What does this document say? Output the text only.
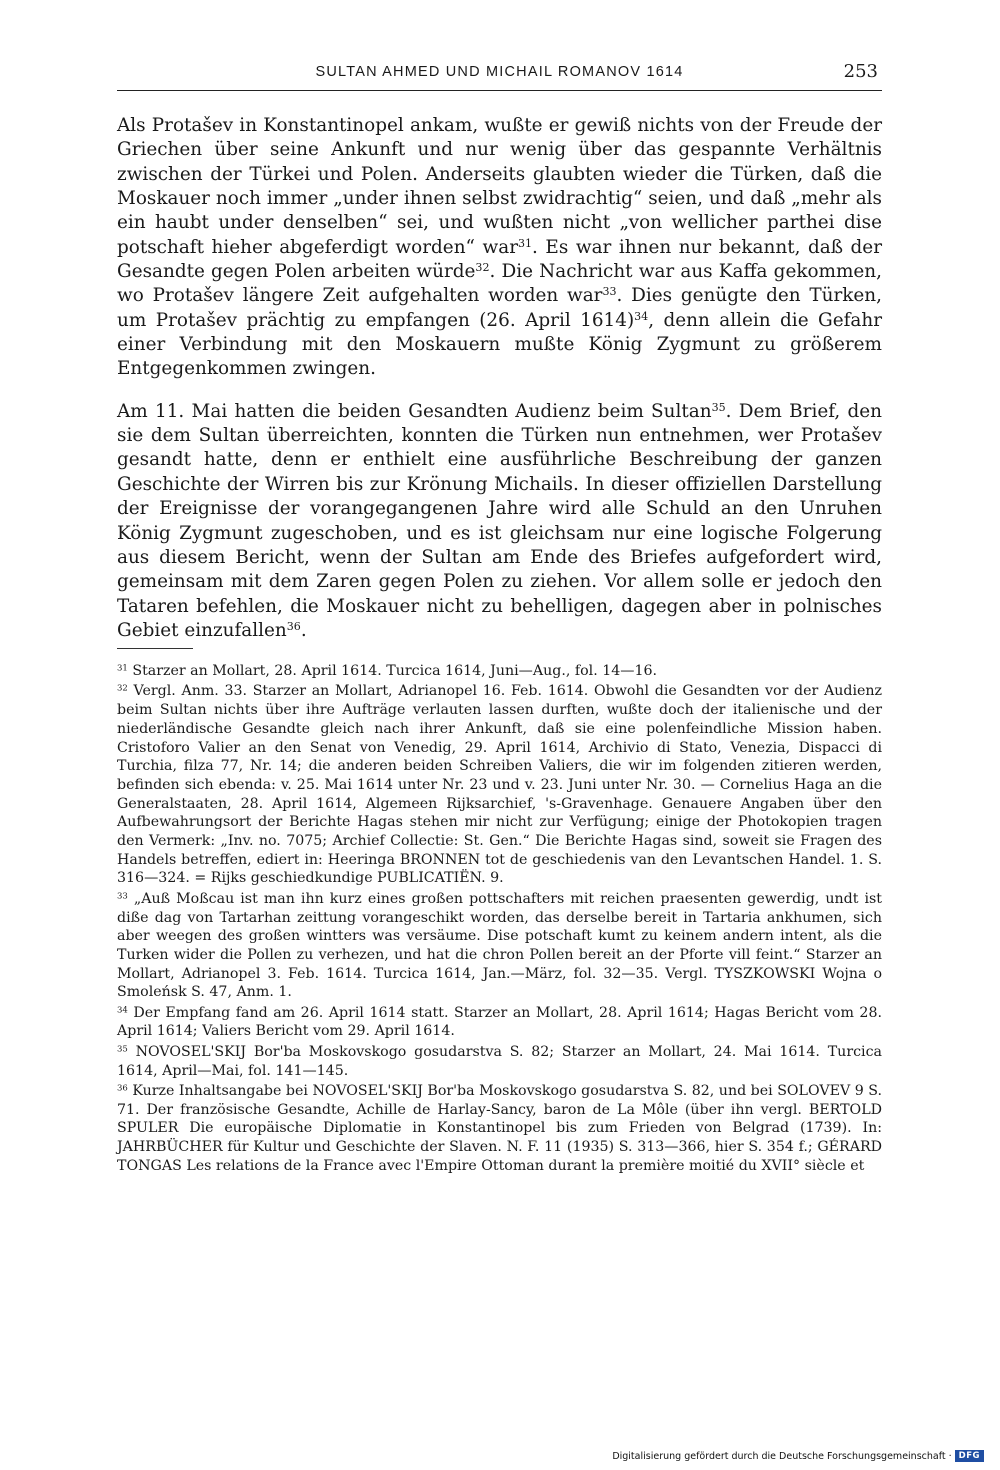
SULTAN AHMED UND MICHAIL ROMANOV 1614	253

Als Protašev in Konstantinopel ankam, wußte er gewiß nichts von der Freude der Griechen über seine Ankunft und nur wenig über das gespannte Verhältnis zwischen der Türkei und Polen. Anderseits glaubten wieder die Türken, daß die Moskauer noch immer „under ihnen selbst zwidrachtig“ seien, und daß „mehr als ein haubt under denselben“ sei, und wußten nicht „von wellicher parthei dise potschaft hieher abgeferdigt worden“ war$^{31}$. Es war ihnen nur bekannt, daß der Gesandte gegen Polen arbeiten würde$^{32}$. Die Nachricht war aus Kaffa gekommen, wo Protašev längere Zeit aufgehalten worden war$^{33}$. Dies genügte den Türken, um Protašev prächtig zu empfangen (26. April 1614)$^{34}$, denn allein die Gefahr einer Verbindung mit den Moskauern mußte König Zygmunt zu größerem Entgegenkommen zwingen.

Am 11. Mai hatten die beiden Gesandten Audienz beim Sultan$^{35}$. Dem Brief, den sie dem Sultan überreichten, konnten die Türken nun entnehmen, wer Protašev gesandt hatte, denn er enthielt eine ausführliche Beschreibung der ganzen Geschichte der Wirren bis zur Krönung Michails. In dieser offiziellen Darstellung der Ereignisse der vorangegangenen Jahre wird alle Schuld an den Unruhen König Zygmunt zugeschoben, und es ist gleichsam nur eine logische Folgerung aus diesem Bericht, wenn der Sultan am Ende des Briefes aufgefordert wird, gemeinsam mit dem Zaren gegen Polen zu ziehen. Vor allem solle er jedoch den Tataren befehlen, die Moskauer nicht zu behelligen, dagegen aber in polnisches Gebiet einzufallen$^{36}$.

$^{31}$ Starzer an Mollart, 28. April 1614. Turcica 1614, Juni—Aug., fol. 14—16.

$^{32}$ Vergl. Anm. 33. Starzer an Mollart, Adrianopel 16. Feb. 1614. Obwohl die Gesandten vor der Audienz beim Sultan nichts über ihre Aufträge verlauten lassen durften, wußte doch der italienische und der niederländische Gesandte gleich nach ihrer Ankunft, daß sie eine polenfeindliche Mission haben. Cristoforo Valier an den Senat von Venedig, 29. April 1614, Archivio di Stato, Venezia, Dispacci di Turchia, filza 77, Nr. 14; die anderen beiden Schreiben Valiers, die wir im folgenden zitieren werden, befinden sich ebenda: v. 25. Mai 1614 unter Nr. 23 und v. 23. Juni unter Nr. 30. — Cornelius Haga an die Generalstaaten, 28. April 1614, Algemeen Rijksarchief, 's-Gravenhage. Genauere Angaben über den Aufbewahrungsort der Berichte Hagas stehen mir nicht zur Verfügung; einige der Photokopien tragen den Vermerk: „Inv. no. 7075; Archief Collectie: St. Gen.“ Die Berichte Hagas sind, soweit sie Fragen des Handels betreffen, ediert in: Heeringa BRONNEN tot de geschiedenis van den Levantschen Handel. 1. S. 316—324. = Rijks geschiedkundige PUBLICATIËN. 9.

$^{33}$ „Auß Moßcau ist man ihn kurz eines großen pottschafters mit reichen praesenten gewerdig, undt ist diße dag von Tartarhan zeittung vorangeschikt worden, das derselbe bereit in Tartaria ankhumen, sich aber weegen des großen wintters was versäume. Dise potschaft kumt zu keinem andern intent, als die Turken wider die Pollen zu verhezen, und hat die chron Pollen bereit an der Pforte vill feint.“ Starzer an Mollart, Adrianopel 3. Feb. 1614. Turcica 1614, Jan.—März, fol. 32—35. Vergl. TYSZKOWSKI Wojna o Smoleńsk S. 47, Anm. 1.

$^{34}$ Der Empfang fand am 26. April 1614 statt. Starzer an Mollart, 28. April 1614; Hagas Bericht vom 28. April 1614; Valiers Bericht vom 29. April 1614.

$^{35}$ NOVOSEL'SKIJ Bor'ba Moskovskogo gosudarstva S. 82; Starzer an Mollart, 24. Mai 1614. Turcica 1614, April—Mai, fol. 141—145.

$^{36}$ Kurze Inhaltsangabe bei NOVOSEL'SKIJ Bor'ba Moskovskogo gosudarstva S. 82, und bei SOLOVEV 9 S. 71. Der französische Gesandte, Achille de Harlay-Sancy, baron de La Môle (über ihn vergl. BERTOLD SPULER Die europäische Diplomatie in Konstantinopel bis zum Frieden von Belgrad (1739). In: JAHRBÜCHER für Kultur und Geschichte der Slaven. N. F. 11 (1935) S. 313—366, hier S. 354 f.; GÉRARD TONGAS Les relations de la France avec l'Empire Ottoman durant la première moitié du XVII° siècle et

Digitalisierung gefördert durch die Deutsche Forschungsgemeinschaft · DFG
